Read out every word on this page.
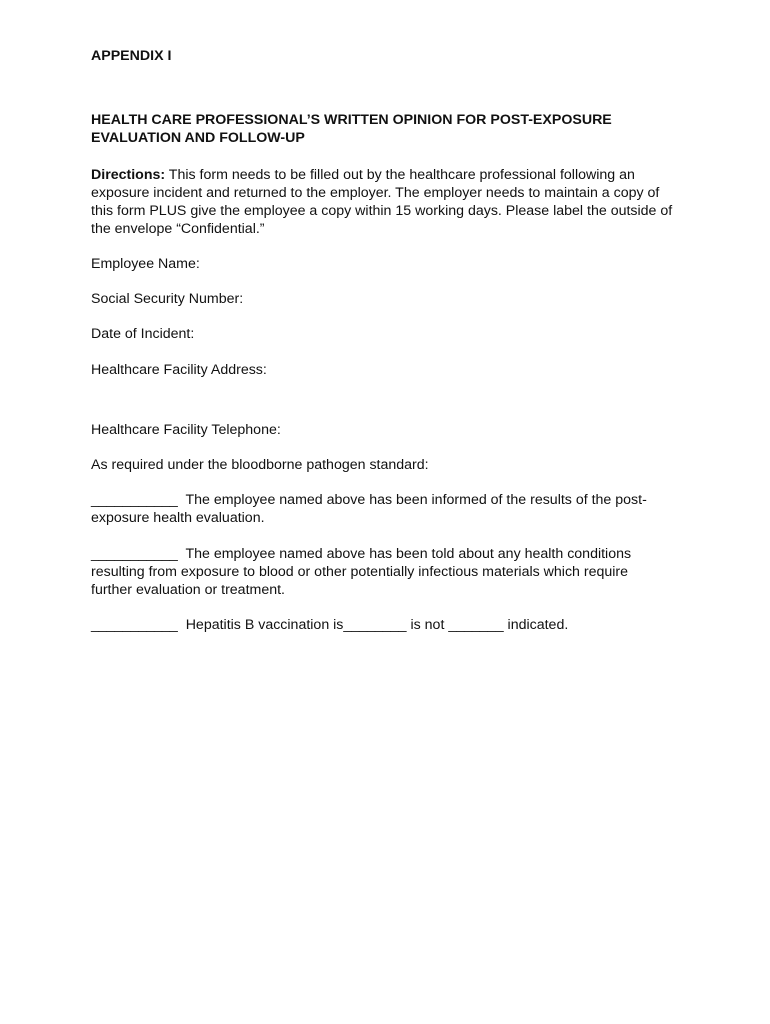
APPENDIX I

HEALTH CARE PROFESSIONAL’S WRITTEN OPINION FOR POST-EXPOSURE EVALUATION AND FOLLOW-UP

Directions: This form needs to be filled out by the healthcare professional following an exposure incident and returned to the employer. The employer needs to maintain a copy of this form PLUS give the employee a copy within 15 working days. Please label the outside of the envelope “Confidential.”

Employee Name:

Social Security Number:

Date of Incident:

Healthcare Facility Address:

Healthcare Facility Telephone:

As required under the bloodborne pathogen standard:

___________ The employee named above has been informed of the results of the post-exposure health evaluation.

___________ The employee named above has been told about any health conditions resulting from exposure to blood or other potentially infectious materials which require further evaluation or treatment.

___________ Hepatitis B vaccination is________ is not _______ indicated.
